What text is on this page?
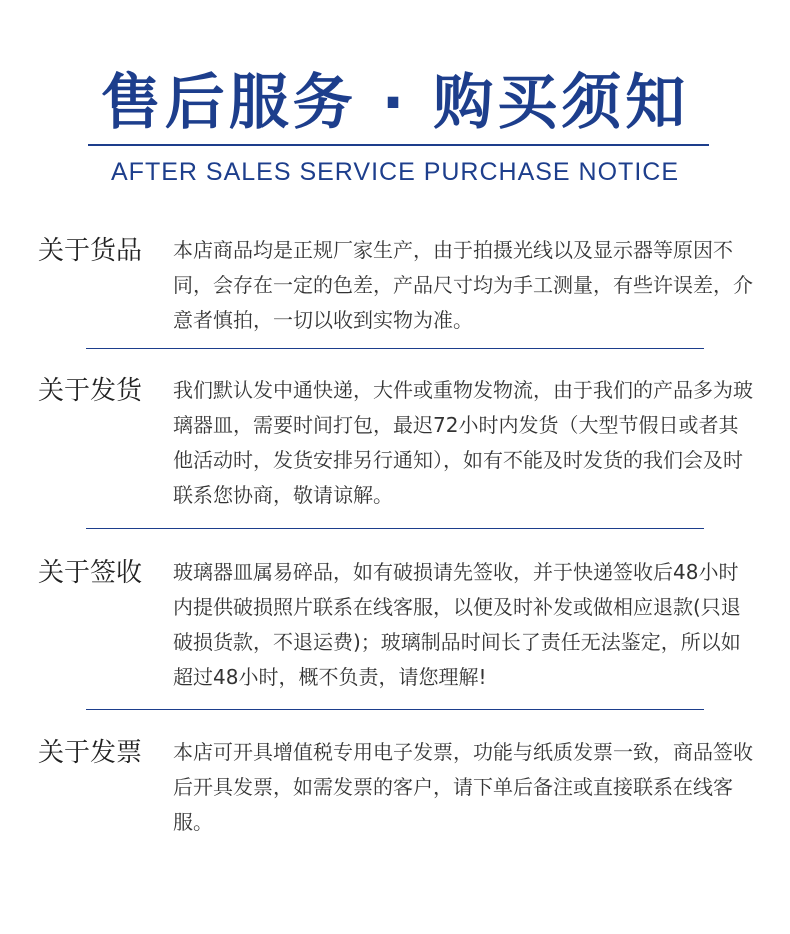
售后服务 · 购买须知
AFTER SALES SERVICE PURCHASE NOTICE
关于货品 本店商品均是正规厂家生产，由于拍摄光线以及显示器等原因不同，会存在一定的色差，产品尺寸均为手工测量，有些许误差，介意者慎拍，一切以收到实物为准。
关于发货 我们默认发中通快递，大件或重物发物流，由于我们的产品多为玻璃器皿，需要时间打包，最迟72小时内发货（大型节假日或者其他活动时，发货安排另行通知），如有不能及时发货的我们会及时联系您协商，敬请谅解。
关于签收 玻璃器皿属易碎品，如有破损请先签收，并于快递签收后48小时内提供破损照片联系在线客服，以便及时补发或做相应退款(只退破损货款，不退运费)；玻璃制品时间长了责任无法鉴定，所以如超过48小时，概不负责，请您理解!
关于发票 本店可开具增值税专用电子发票，功能与纸质发票一致，商品签收后开具发票，如需发票的客户，请下单后备注或直接联系在线客服。
